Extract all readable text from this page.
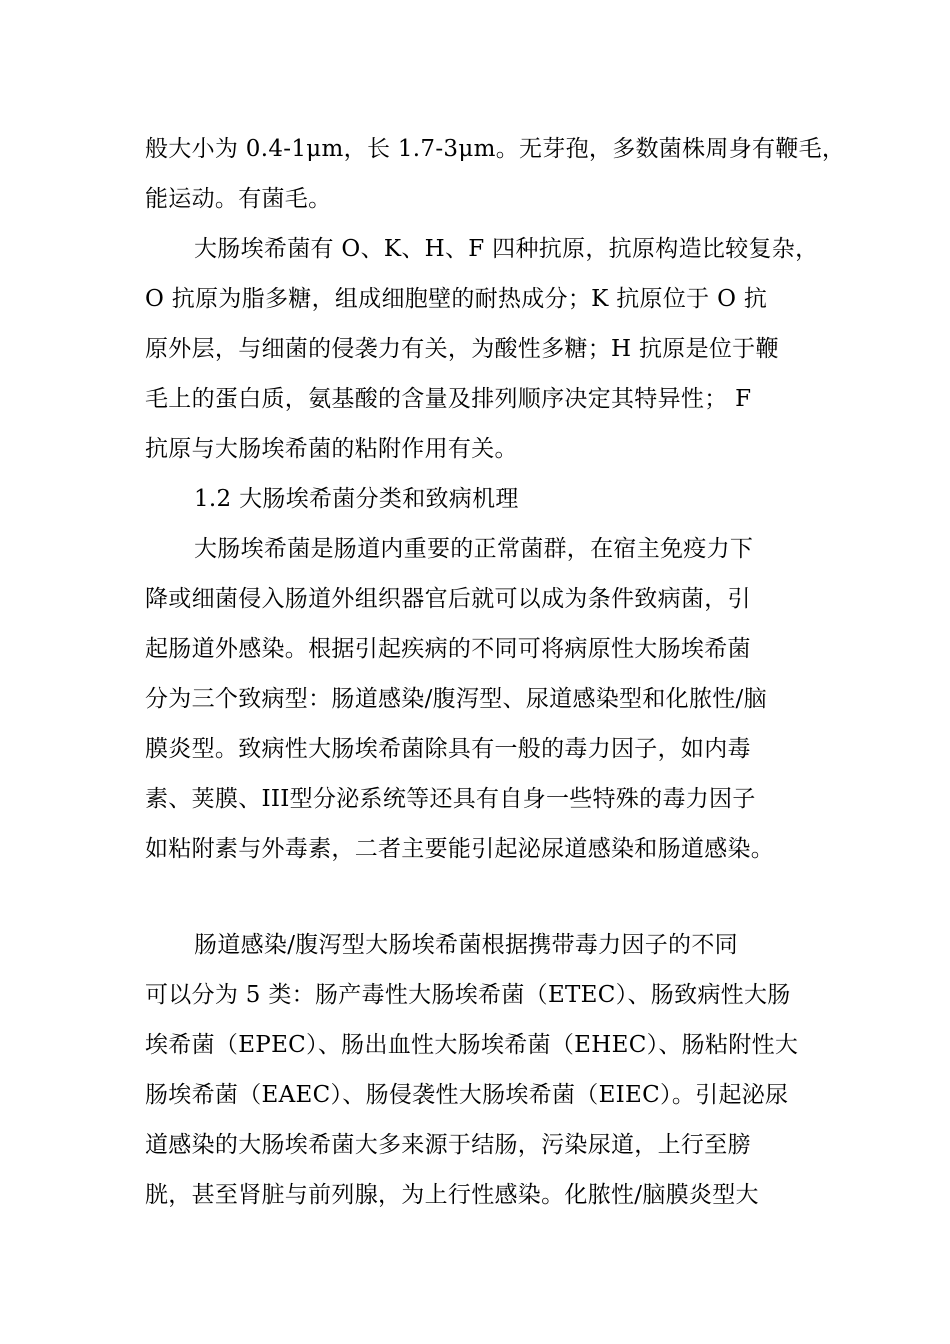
般大小为 0.4-1μm，长 1.7-3μm。无芽孢，多数菌株周身有鞭毛，
能运动。有菌毛。
大肠埃希菌有 O、K、H、F 四种抗原，抗原构造比较复杂，
O 抗原为脂多糖，组成细胞壁的耐热成分；K 抗原位于 O 抗
原外层，与细菌的侵袭力有关，为酸性多糖；H 抗原是位于鞭
毛上的蛋白质，氨基酸的含量及排列顺序决定其特异性； F
抗原与大肠埃希菌的粘附作用有关。
1.2 大肠埃希菌分类和致病机理
大肠埃希菌是肠道内重要的正常菌群，在宿主免疫力下
降或细菌侵入肠道外组织器官后就可以成为条件致病菌，引
起肠道外感染。根据引起疾病的不同可将病原性大肠埃希菌
分为三个致病型：肠道感染/腹泻型、尿道感染型和化脓性/脑
膜炎型。致病性大肠埃希菌除具有一般的毒力因子，如内毒
素、荚膜、III型分泌系统等还具有自身一些特殊的毒力因子
如粘附素与外毒素，二者主要能引起泌尿道感染和肠道感染。
肠道感染/腹泻型大肠埃希菌根据携带毒力因子的不同
可以分为 5 类：肠产毒性大肠埃希菌（ETEC）、肠致病性大肠
埃希菌（EPEC）、肠出血性大肠埃希菌（EHEC）、肠粘附性大
肠埃希菌（EAEC）、肠侵袭性大肠埃希菌（EIEC）。引起泌尿
道感染的大肠埃希菌大多来源于结肠，污染尿道，上行至膀
胱，甚至肾脏与前列腺，为上行性感染。化脓性/脑膜炎型大
